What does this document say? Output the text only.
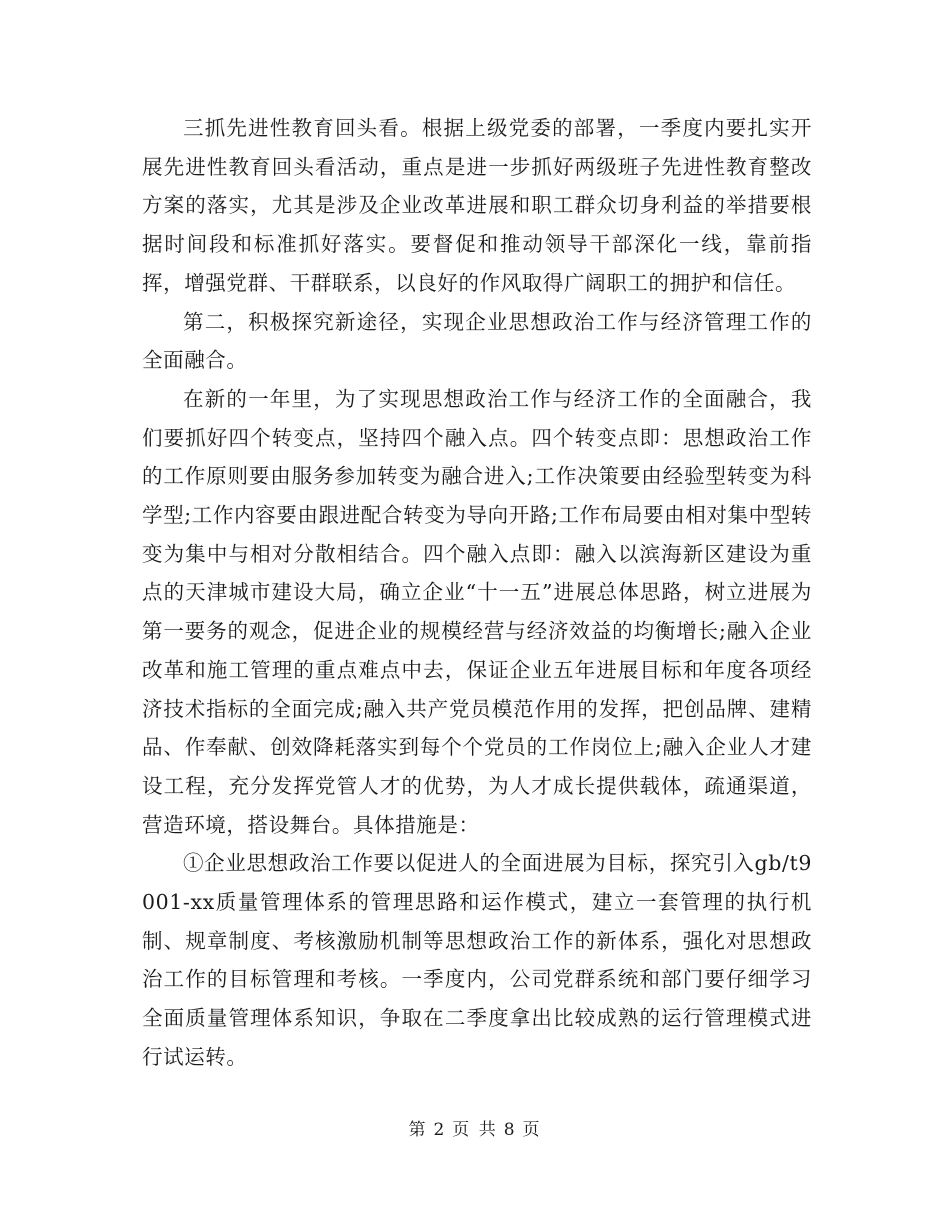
三抓先进性教育回头看。根据上级党委的部署，一季度内要扎实开展先进性教育回头看活动，重点是进一步抓好两级班子先进性教育整改方案的落实，尤其是涉及企业改革进展和职工群众切身利益的举措要根据时间段和标准抓好落实。要督促和推动领导干部深化一线，靠前指挥，增强党群、干群联系，以良好的作风取得广阔职工的拥护和信任。

第二，积极探究新途径，实现企业思想政治工作与经济管理工作的全面融合。

在新的一年里，为了实现思想政治工作与经济工作的全面融合，我们要抓好四个转变点，坚持四个融入点。四个转变点即：思想政治工作的工作原则要由服务参加转变为融合进入;工作决策要由经验型转变为科学型;工作内容要由跟进配合转变为导向开路;工作布局要由相对集中型转变为集中与相对分散相结合。四个融入点即：融入以滨海新区建设为重点的天津城市建设大局，确立企业“十一五”进展总体思路，树立进展为第一要务的观念，促进企业的规模经营与经济效益的均衡增长;融入企业改革和施工管理的重点难点中去，保证企业五年进展目标和年度各项经济技术指标的全面完成;融入共产党员模范作用的发挥，把创品牌、建精品、作奉献、创效降耗落实到每个个党员的工作岗位上;融入企业人才建设工程，充分发挥党管人才的优势，为人才成长提供载体，疏通渠道，营造环境，搭设舞台。具体措施是：

①企业思想政治工作要以促进人的全面进展为目标，探究引入gb/t9001-xx质量管理体系的管理思路和运作模式，建立一套管理的执行机制、规章制度、考核激励机制等思想政治工作的新体系，强化对思想政治工作的目标管理和考核。一季度内，公司党群系统和部门要仔细学习全面质量管理体系知识，争取在二季度拿出比较成熟的运行管理模式进行试运转。

第 2 页 共 8 页
